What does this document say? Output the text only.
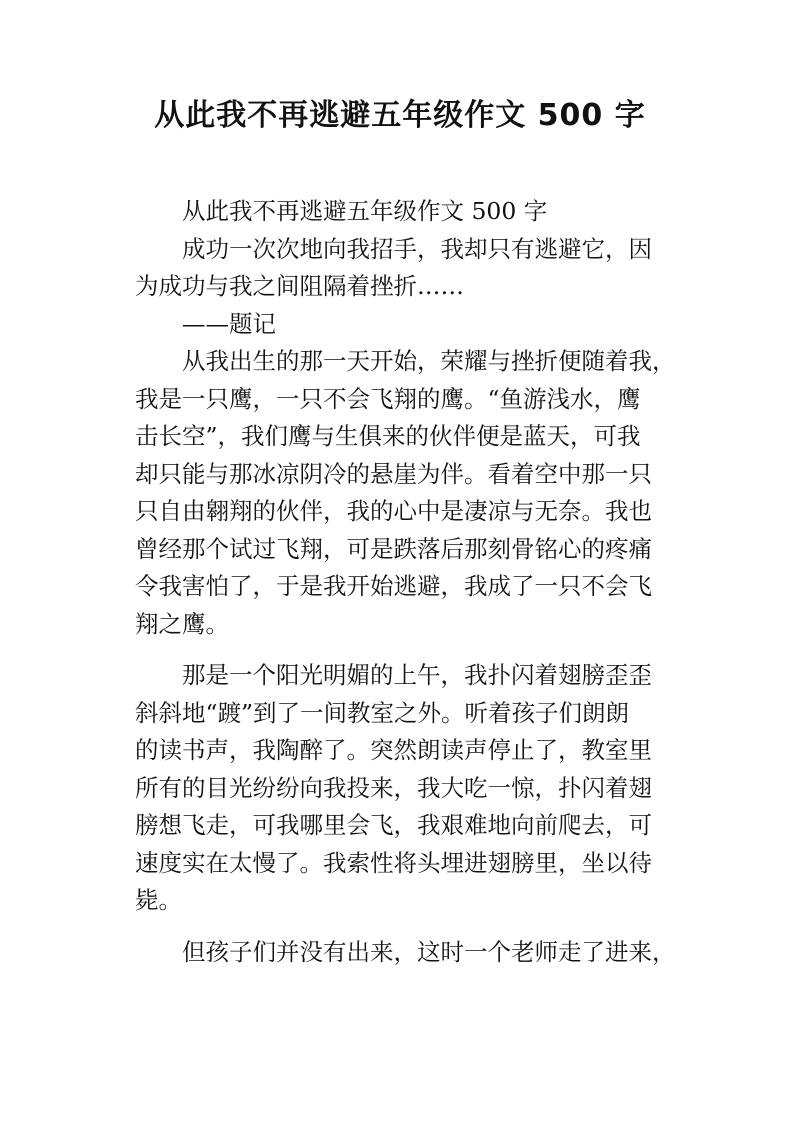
从此我不再逃避五年级作文 500 字
从此我不再逃避五年级作文 500 字
成功一次次地向我招手，我却只有逃避它，因
为成功与我之间阻隔着挫折……
——题记
从我出生的那一天开始，荣耀与挫折便随着我，
我是一只鹰，一只不会飞翔的鹰。“鱼游浅水，鹰
击长空”，我们鹰与生俱来的伙伴便是蓝天，可我
却只能与那冰凉阴冷的悬崖为伴。看着空中那一只
只自由翱翔的伙伴，我的心中是凄凉与无奈。我也
曾经那个试过飞翔，可是跌落后那刻骨铭心的疼痛
令我害怕了，于是我开始逃避，我成了一只不会飞
翔之鹰。
那是一个阳光明媚的上午，我扑闪着翅膀歪歪
斜斜地“踱”到了一间教室之外。听着孩子们朗朗
的读书声，我陶醉了。突然朗读声停止了，教室里
所有的目光纷纷向我投来，我大吃一惊，扑闪着翅
膀想飞走，可我哪里会飞，我艰难地向前爬去，可
速度实在太慢了。我索性将头埋进翅膀里，坐以待
毙。
但孩子们并没有出来，这时一个老师走了进来，
